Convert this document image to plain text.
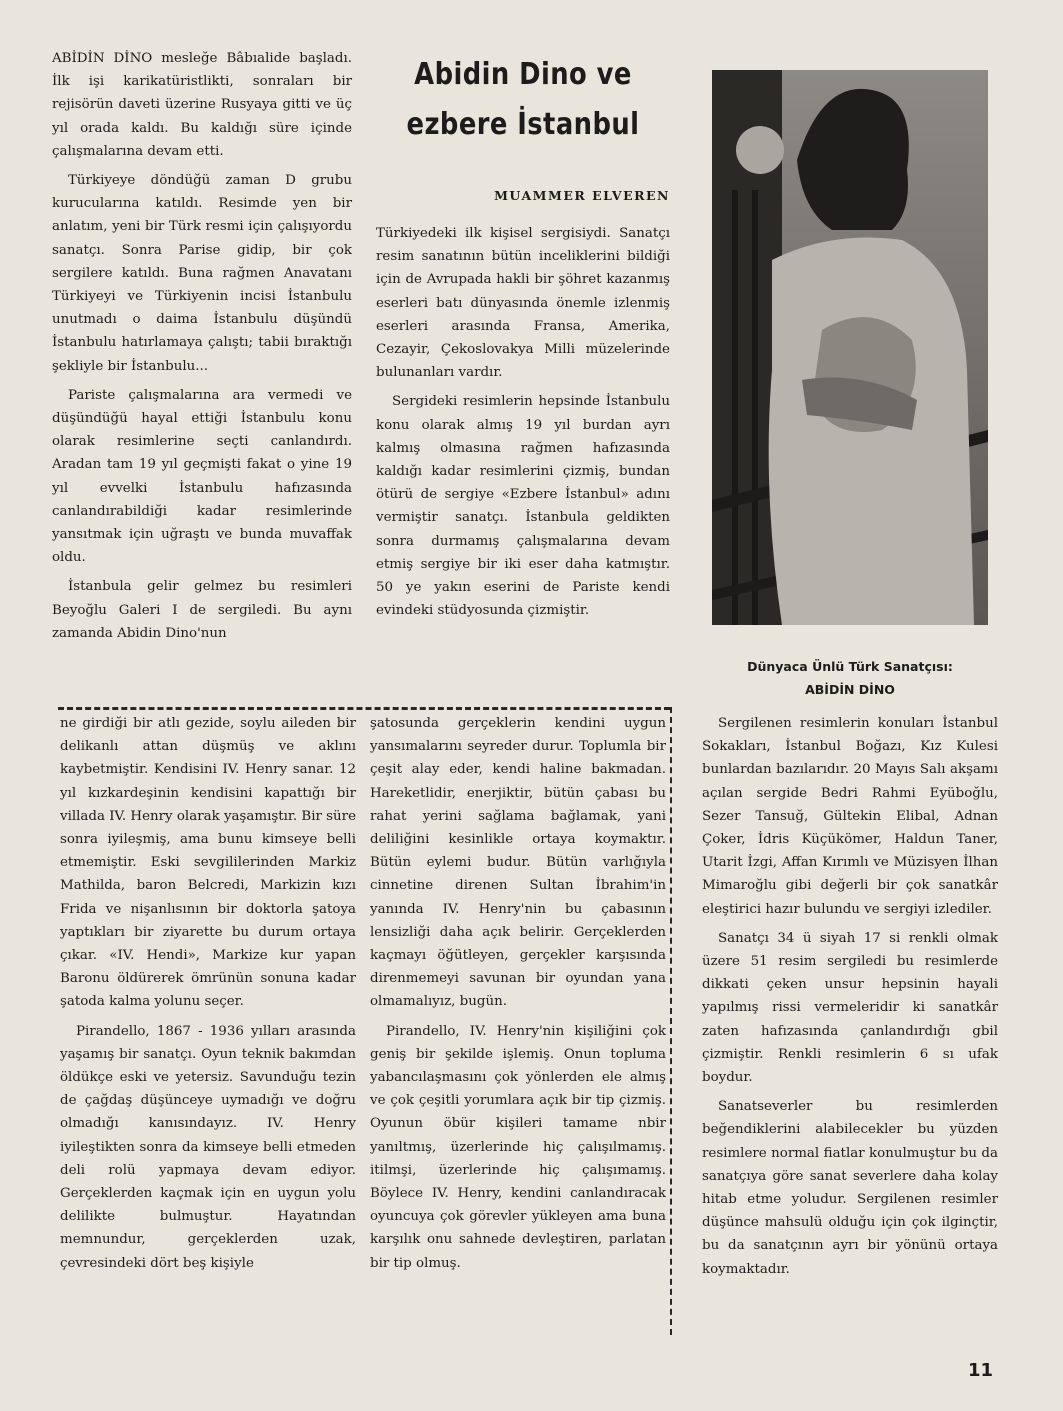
Abidin Dino ve
ezbere İstanbul
MUAMMER ELVEREN

ABİDİN DİNO mesleğe Bâbıalide başladı. İlk işi karikatüristlikti, sonraları bir rejisörün daveti üzerine Rusyaya gitti ve üç yıl orada kaldı. Bu kaldığı süre içinde çalışmalarına devam etti.

Türkiyeye döndüğü zaman D grubu kurucularına katıldı. Resimde yen bir anlatım, yeni bir Türk resmi için çalışıyordu sanatçı. Sonra Parise gidip, bir çok sergilere katıldı. Buna rağmen Anavatanı Türkiyeyi ve Türkiyenin incisi İstanbulu unutmadı o daima İstanbulu düşündü İstanbulu hatırlamaya çalıştı; tabii bıraktığı şekliyle bir İstanbulu...

Pariste çalışmalarına ara vermedi ve düşündüğü hayal ettiği İstanbulu konu olarak resimlerine seçti canlandırdı. Aradan tam 19 yıl geçmişti fakat o yine 19 yıl evvelki İstanbulu hafızasında canlandırabildiği kadar resimlerinde yansıtmak için uğraştı ve bunda muvaffak oldu.

İstanbula gelir gelmez bu resimleri Beyoğlu Galeri I de sergiledi. Bu aynı zamanda Abidin Dino'nun

Türkiyedeki ilk kişisel sergisiydi. Sanatçı resim sanatının bütün inceliklerini bildiği için de Avrupada hakli bir şöhret kazanmış eserleri batı dünyasında önemle izlenmiş eserleri arasında Fransa, Amerika, Cezayir, Çekoslovakya Milli müzelerinde bulunanları vardır.

Sergideki resimlerin hepsinde İstanbulu konu olarak almış 19 yıl burdan ayrı kalmış olmasına rağmen hafızasında kaldığı kadar resimlerini çizmiş, bundan ötürü de sergiye «Ezbere İstanbul» adını vermiştir sanatçı. İstanbula geldikten sonra durmamış çalışmalarına devam etmiş sergiye bir iki eser daha katmıştır. 50 ye yakın eserini de Pariste kendi evindeki stüdyosunda çizmiştir.

Dünyaca Ünlü Türk Sanatçısı:
ABİDİN DİNO

ne girdiği bir atlı gezide, soylu aileden bir delikanlı attan düşmüş ve aklını kaybetmiştir. Kendisini IV. Henry sanar. 12 yıl kızkardeşinin kendisini kapattığı bir villada IV. Henry olarak yaşamıştır. Bir süre sonra iyileşmiş, ama bunu kimseye belli etmemiştir. Eski sevgililerinden Markiz Mathilda, baron Belcredi, Markizin kızı Frida ve nişanlısının bir doktorla şatoya yaptıkları bir ziyarette bu durum ortaya çıkar. «IV. Hendi», Markize kur yapan Baronu öldürerek ömrünün sonuna kadar şatoda kalma yolunu seçer.

Pirandello, 1867 - 1936 yılları arasında yaşamış bir sanatçı. Oyun teknik bakımdan öldükçe eski ve yetersiz. Savunduğu tezin de çağdaş düşünceye uymadığı ve doğru olmadığı kanısındayız. IV. Henry iyileştikten sonra da kimseye belli etmeden deli rolü yapmaya devam ediyor. Gerçeklerden kaçmak için en uygun yolu delilikte bulmuştur. Hayatından memnundur, gerçeklerden uzak, çevresindeki dört beş kişiyle

şatosunda gerçeklerin kendini uygun yansımalarını seyreder durur. Toplumla bir çeşit alay eder, kendi haline bakmadan. Hareketlidir, enerjiktir, bütün çabası bu rahat yerini sağlama bağlamak, yani deliliğini kesinlikle ortaya koymaktır. Bütün eylemi budur. Bütün varlığıyla cinnetine direnen Sultan İbrahim'in yanında IV. Henry'nin bu çabasının lensizliği daha açık belirir. Gerçeklerden kaçmayı öğütleyen, gerçekler karşısında direnmemeyi savunan bir oyundan yana olmamalıyız, bugün.

Pirandello, IV. Henry'nin kişiliğini çok geniş bir şekilde işlemiş. Onun topluma yabancılaşmasını çok yönlerden ele almış ve çok çeşitli yorumlara açık bir tip çizmiş. Oyunun öbür kişileri tamame nbir yanıltmış, üzerlerinde hiç çalışılmamış. itilmşi, üzerlerinde hiç çalışımamış. Böylece IV. Henry, kendini canlandıracak oyuncuya çok görevler yükleyen ama buna karşılık onu sahnede devleştiren, parlatan bir tip olmuş.

Sergilenen resimlerin konuları İstanbul Sokakları, İstanbul Boğazı, Kız Kulesi bunlardan bazılarıdır. 20 Mayıs Salı akşamı açılan sergide Bedri Rahmi Eyüboğlu, Sezer Tansuğ, Gültekin Elibal, Adnan Çoker, İdris Küçükömer, Haldun Taner, Utarit İzgi, Affan Kırımlı ve Müzisyen İlhan Mimaroğlu gibi değerli bir çok sanatkâr eleştirici hazır bulundu ve sergiyi izlediler.

Sanatçı 34 ü siyah 17 si renkli olmak üzere 51 resim sergiledi bu resimlerde dikkati çeken unsur hepsinin hayali yapılmış rissi vermeleridir ki sanatkâr zaten hafızasında çanlandırdığı gbil çizmiştir. Renkli resimlerin 6 sı ufak boydur.

Sanatseverler bu resimlerden beğendiklerini alabilecekler bu yüzden resimlere normal fiatlar konulmuştur bu da sanatçıya göre sanat severlere daha kolay hitab etme yoludur. Sergilenen resimler düşünce mahsulü olduğu için çok ilginçtir, bu da sanatçının ayrı bir yönünü ortaya koymaktadır.

11
